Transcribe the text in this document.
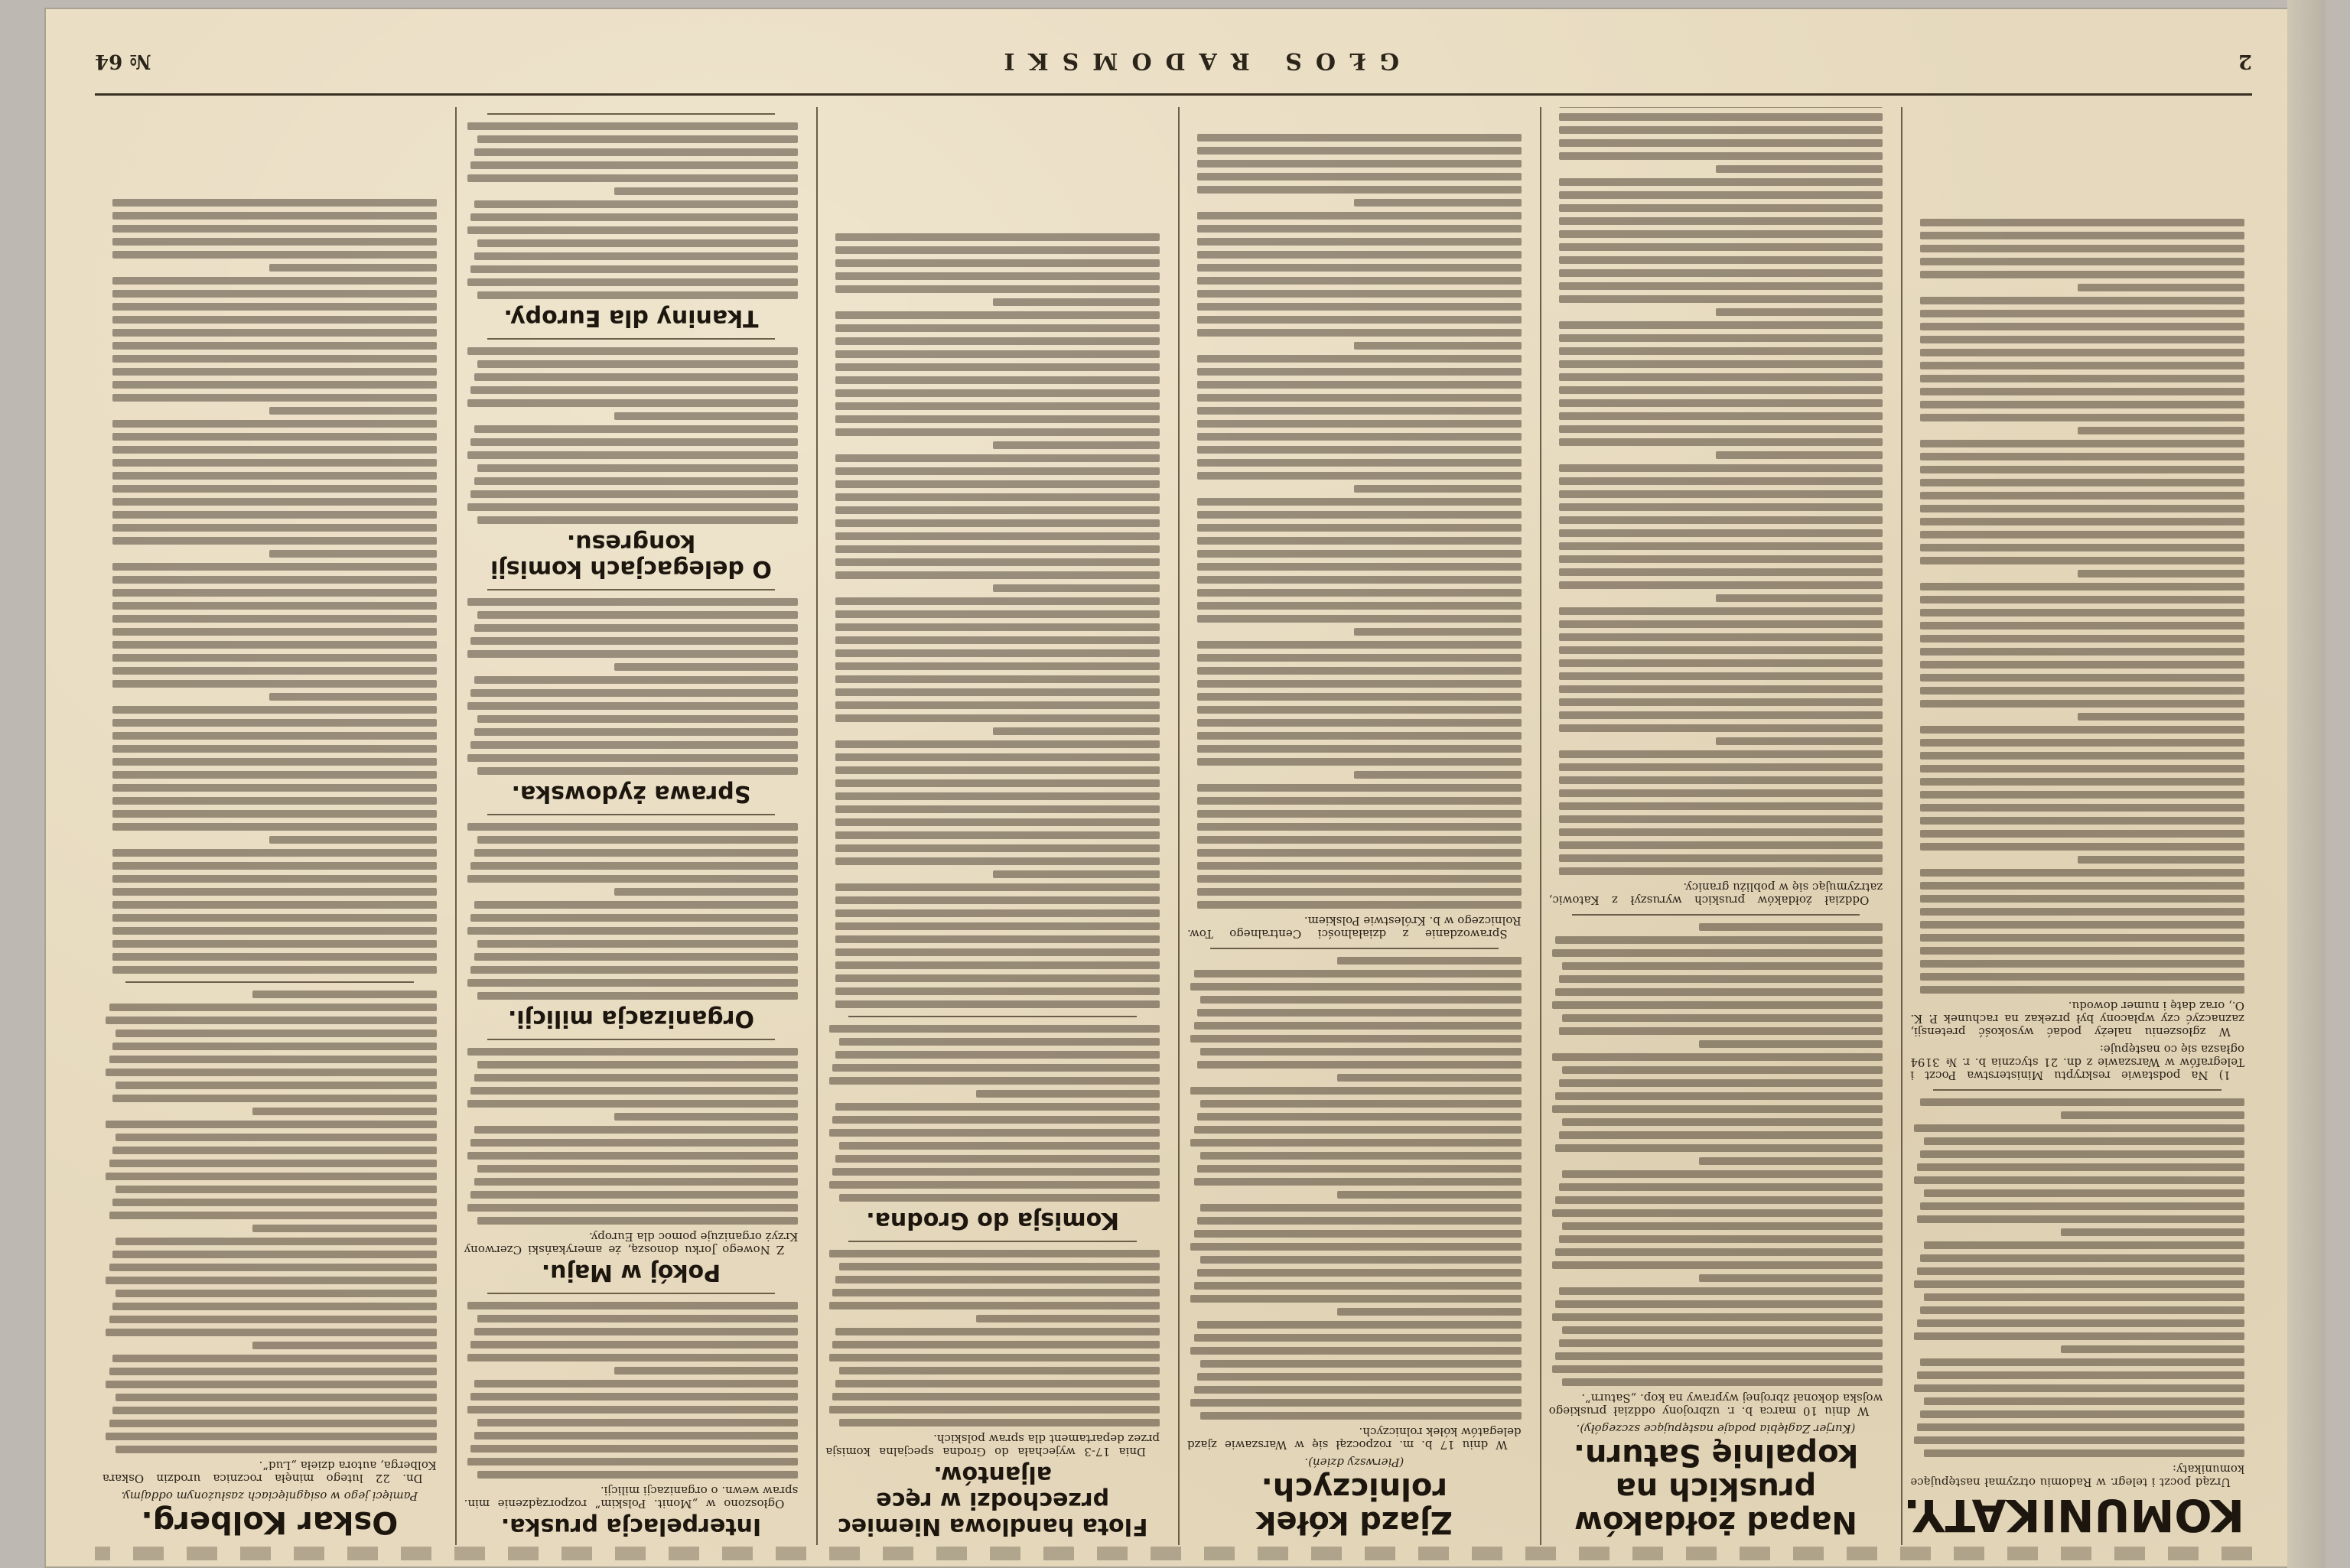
2
GŁOS RADOMSKI
№ 64
KOMUNIKATY.

Urząd poczt i telegr. w Radomiu otrzymał następujące komunikaty:

1) Na podstawie reskryptu Ministerstwa Poczt i Telegrafów w Warszawie z dn. 21 stycznia b. r. № 3194 ogłasza się co następuje:

W zgłoszeniu należy podać wysokość pretensji, zaznaczyć czy wpłacony był przekaz na rachunek P. K. O., oraz datę i numer dowodu.

Napad żołdaków pruskich na kopalnię Saturn.
(Kurjer Zagłębia podaje następujące szczegóły).

W dniu 10 marca b. r. uzbrojony oddział pruskiego wojska dokonał zbrojnej wyprawy na kop. „Saturn”.

Oddział żołdaków pruskich wyruszył z Katowic, zatrzymując się w pobliżu granicy.

Zjazd kółek rolniczych.
(Pierwszy dzień).

W dniu 17 b. m. rozpoczął się w Warszawie zjazd delegatów kółek rolniczych.

Sprawozdanie z działalności Centralnego Tow. Rolniczego w b. Królestwie Polskiem.

Flota handlowa Niemiec przechodzi w ręce aljantów.

Dnia 17-3 wyjechała do Grodna specjalna komisja przez departament dla spraw polskich.

Komisja do Grodna.
Interpelacja pruska.

Ogłoszono w „Monit. Polskim” rozporządzenie min. spraw wewn. o organizacji milicji.

Pokój w Maju.

Z Nowego Jorku donoszą, że amerykański Czerwony Krzyż organizuje pomoc dla Europy.

Organizacja milicji.
Sprawa żydowska.
O delegacjach komisji kongresu.
Tkaniny dla Europy.
Oskar Kolberg.
Pamięci jego w osiągnięciach zasłużonym oddajmy.

Dn. 22 lutego minęła rocznica urodzin Oskara Kolberga, autora dzieła „Lud”.
